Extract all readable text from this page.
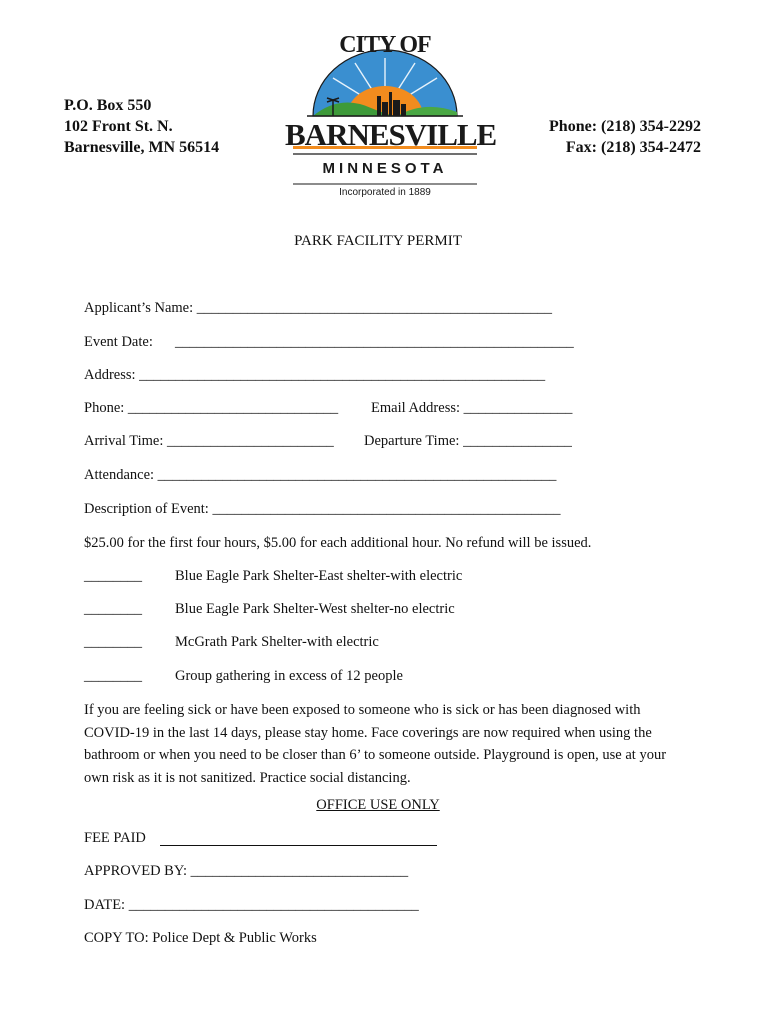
P.O. Box 550
102 Front St. N.
Barnesville, MN 56514
Phone: (218) 354-2292
Fax: (218) 354-2472
CITY OF
BARNESVILLE
MINNESOTA
Incorporated in 1889
PARK FACILITY PERMIT
Applicant’s Name: _________________________________________________
Event Date: _______________________________________________________
Address: ________________________________________________________
Phone: _____________________________ Email Address: _______________
Arrival Time: _______________________ Departure Time: _______________
Attendance: _______________________________________________________
Description of Event: ________________________________________________
$25.00 for the first four hours, $5.00 for each additional hour. No refund will be issued.
________ Blue Eagle Park Shelter-East shelter-with electric
________ Blue Eagle Park Shelter-West shelter-no electric
________ McGrath Park Shelter-with electric
________ Group gathering in excess of 12 people
If you are feeling sick or have been exposed to someone who is sick or has been diagnosed with COVID-19 in the last 14 days, please stay home. Face coverings are now required when using the bathroom or when you need to be closer than 6’ to someone outside. Playground is open, use at your own risk as it is not sanitized. Practice social distancing.
OFFICE USE ONLY
FEE PAID
APPROVED BY: ______________________________
DATE: ________________________________________
COPY TO: Police Dept & Public Works
